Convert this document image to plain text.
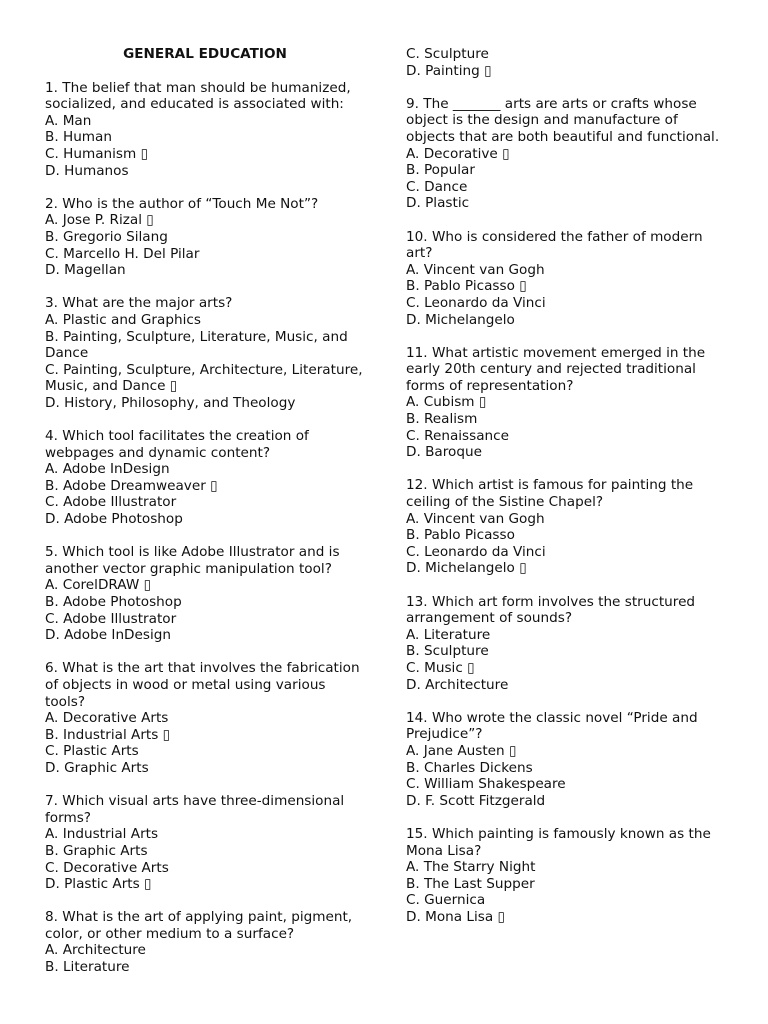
GENERAL EDUCATION

1. The belief that man should be humanized, socialized, and educated is associated with:

A. Man
B. Human
C. Humanism ▯
D. Humanos

2. Who is the author of “Touch Me Not”?

A. Jose P. Rizal ▯
B. Gregorio Silang
C. Marcello H. Del Pilar
D. Magellan

3. What are the major arts?

A. Plastic and Graphics
B. Painting, Sculpture, Literature, Music, and Dance
C. Painting, Sculpture, Architecture, Literature, Music, and Dance ▯
D. History, Philosophy, and Theology

4. Which tool facilitates the creation of webpages and dynamic content?

A. Adobe InDesign
B. Adobe Dreamweaver ▯
C. Adobe Illustrator
D. Adobe Photoshop

5. Which tool is like Adobe Illustrator and is another vector graphic manipulation tool?

A. CorelDRAW ▯
B. Adobe Photoshop
C. Adobe Illustrator
D. Adobe InDesign

6. What is the art that involves the fabrication of objects in wood or metal using various tools?

A. Decorative Arts
B. Industrial Arts ▯
C. Plastic Arts
D. Graphic Arts

7. Which visual arts have three-dimensional forms?

A. Industrial Arts
B. Graphic Arts
C. Decorative Arts
D. Plastic Arts ▯

8. What is the art of applying paint, pigment, color, or other medium to a surface?

A. Architecture
B. Literature
C. Sculpture
D. Painting ▯

9. The _______ arts are arts or crafts whose object is the design and manufacture of objects that are both beautiful and functional.

A. Decorative ▯
B. Popular
C. Dance
D. Plastic

10. Who is considered the father of modern art?

A. Vincent van Gogh
B. Pablo Picasso ▯
C. Leonardo da Vinci
D. Michelangelo

11. What artistic movement emerged in the early 20th century and rejected traditional forms of representation?

A. Cubism ▯
B. Realism
C. Renaissance
D. Baroque

12. Which artist is famous for painting the ceiling of the Sistine Chapel?

A. Vincent van Gogh
B. Pablo Picasso
C. Leonardo da Vinci
D. Michelangelo ▯

13. Which art form involves the structured arrangement of sounds?

A. Literature
B. Sculpture
C. Music ▯
D. Architecture

14. Who wrote the classic novel “Pride and Prejudice”?

A. Jane Austen ▯
B. Charles Dickens
C. William Shakespeare
D. F. Scott Fitzgerald

15. Which painting is famously known as the Mona Lisa?

A. The Starry Night
B. The Last Supper
C. Guernica
D. Mona Lisa ▯
